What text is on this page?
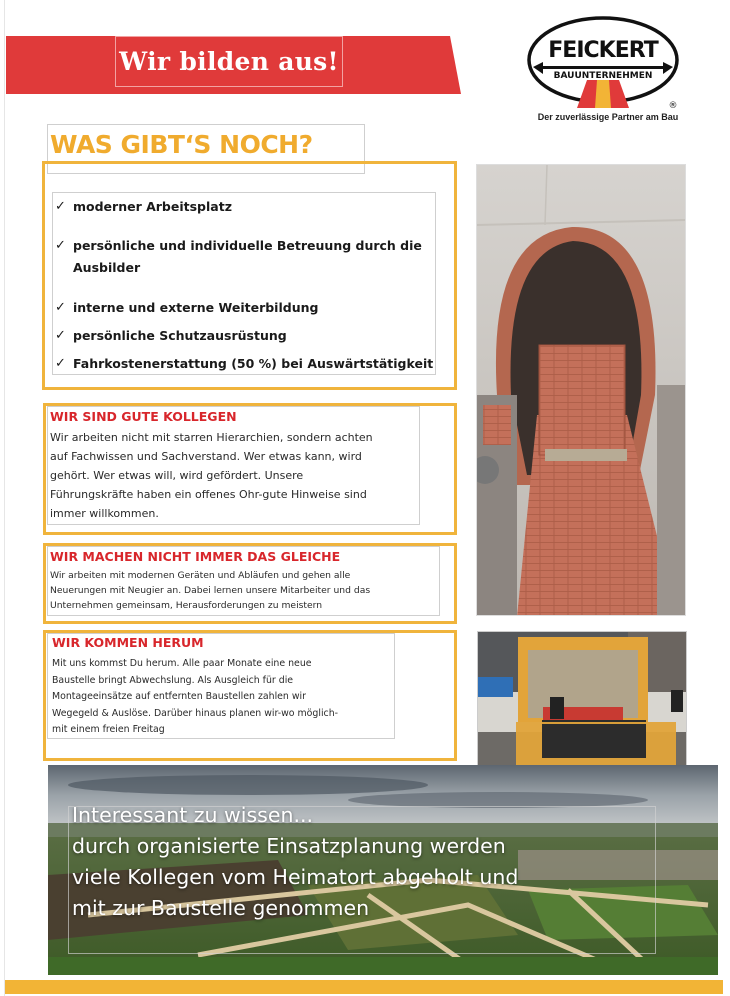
Wir bilden aus!	FEICKERT
BAUUNTERNEHMEN
®
Der zuverlässige Partner am Bau
WAS GIBT‘S NOCH?
✓ moderner Arbeitsplatz
✓ persönliche und individuelle Betreuung durch die
Ausbilder
✓ interne und externe Weiterbildung
✓ persönliche Schutzausrüstung
✓ Fahrkostenerstattung (50 %) bei Auswärtstätigkeit
WIR SIND GUTE KOLLEGEN
Wir arbeiten nicht mit starren Hierarchien, sondern achten
auf Fachwissen und Sachverstand. Wer etwas kann, wird
gehört. Wer etwas will, wird gefördert. Unsere
Führungskräfte haben ein offenes Ohr-gute Hinweise sind
immer willkommen.
WIR MACHEN NICHT IMMER DAS GLEICHE
Wir arbeiten mit modernen Geräten und Abläufen und gehen alle
Neuerungen mit Neugier an. Dabei lernen unsere Mitarbeiter und das
Unternehmen gemeinsam, Herausforderungen zu meistern
WIR KOMMEN HERUM
Mit uns kommst Du herum. Alle paar Monate eine neue
Baustelle bringt Abwechslung. Als Ausgleich für die
Montageeinsätze auf entfernten Baustellen zahlen wir
Wegegeld & Auslöse. Darüber hinaus planen wir-wo möglich-
mit einem freien Freitag
Interessant zu wissen...
durch organisierte Einsatzplanung werden
viele Kollegen vom Heimatort abgeholt und
mit zur Baustelle genommen
